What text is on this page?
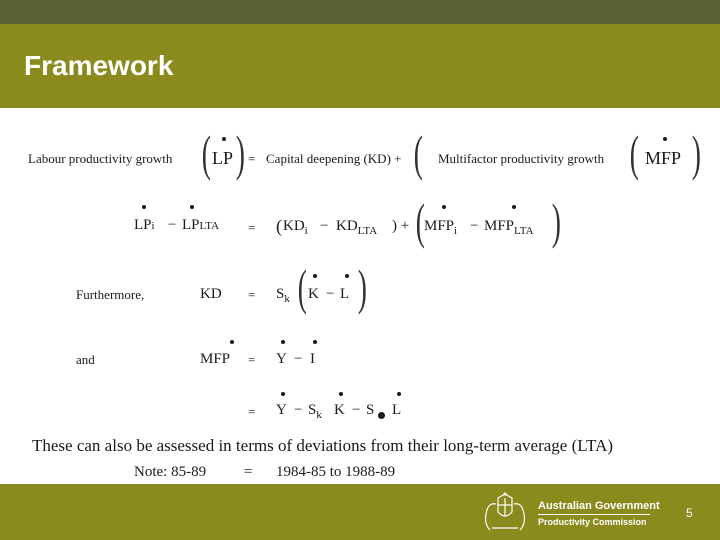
Framework
Labour productivity growth ( LP ) = Capital deepening (KD) + ( Multifactor productivity growth ( MFP )
LPi − LPLTA = ( $KD_i - KD_{LTA}$ ) + ( $MFP_i - MFP_{LTA}$ )
Furthermore,	KD = $S_k$ ( K − L )
and	MFP = Y − I
= $Y - S_k$ K − S L
These can also be assessed in terms of deviations from their long-term average (LTA)
Note: 85-89	= 1984-85 to 1988-89
Australian Government
Productivity Commission
5
